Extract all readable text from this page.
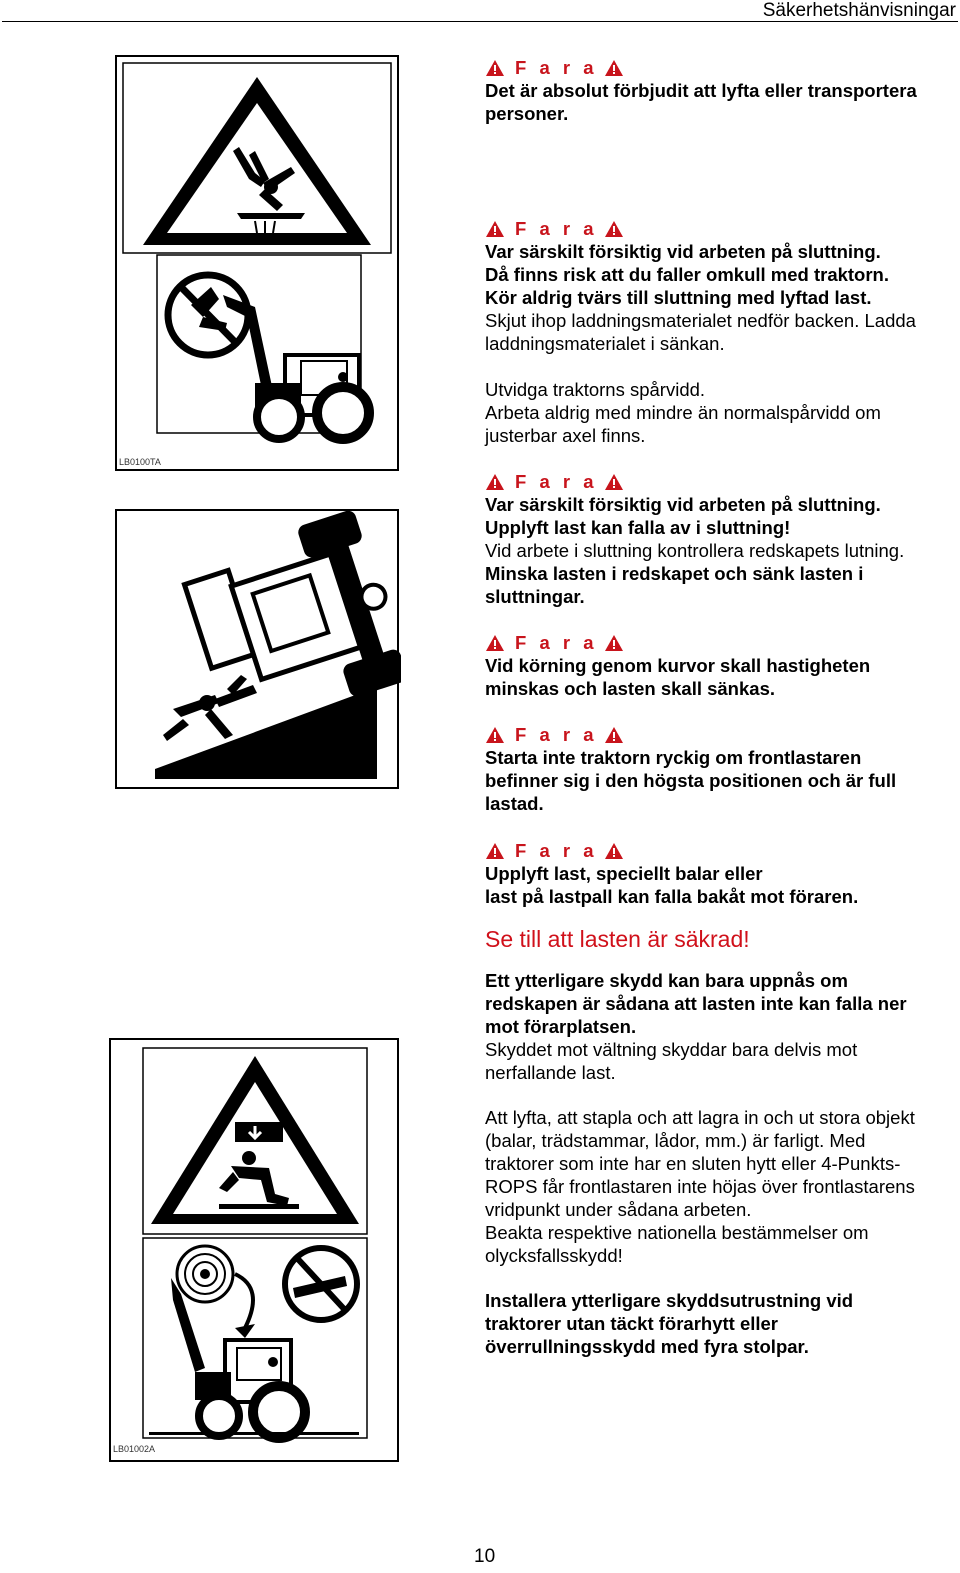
Säkerhetshänvisningar
LB0100TA
LB01002A
F a r a
Det är absolut förbjudit att lyfta eller transportera
personer.
F a r a
Var särskilt försiktig vid arbeten på sluttning.
Då finns risk att du faller omkull med traktorn.
Kör aldrig tvärs till sluttning med lyftad last.
Skjut ihop laddningsmaterialet nedför backen. Ladda
laddningsmaterialet i sänkan.
Utvidga traktorns spårvidd.
Arbeta aldrig med mindre än normalspårvidd om
justerbar axel finns.
F a r a
Var särskilt försiktig vid arbeten på sluttning.
Upplyft last kan falla av i sluttning!
Vid arbete i sluttning kontrollera redskapets lutning.
Minska lasten i redskapet och sänk lasten i
sluttningar.
F a r a
Vid körning genom kurvor skall hastigheten
minskas och lasten skall sänkas.
F a r a
Starta inte traktorn ryckig om frontlastaren
befinner sig i den högsta positionen och är full
lastad.
F a r a
Upplyft last, speciellt balar eller
last på lastpall kan falla bakåt mot föraren.
Se till att lasten är säkrad!
Ett ytterligare skydd kan bara uppnås om
redskapen är sådana att lasten inte kan falla ner
mot förarplatsen.
Skyddet mot vältning skyddar bara delvis mot
nerfallande last.
Att lyfta, att stapla och att lagra in och ut stora objekt
(balar, trädstammar, lådor, mm.) är farligt. Med
traktorer som inte har en sluten hytt eller 4-Punkts-
ROPS får frontlastaren inte höjas över frontlastarens
vridpunkt under sådana arbeten.
Beakta respektive nationella bestämmelser om
olycksfallsskydd!
Installera ytterligare skyddsutrustning vid
traktorer utan täckt förarhytt eller
överrullningsskydd med fyra stolpar.
10
